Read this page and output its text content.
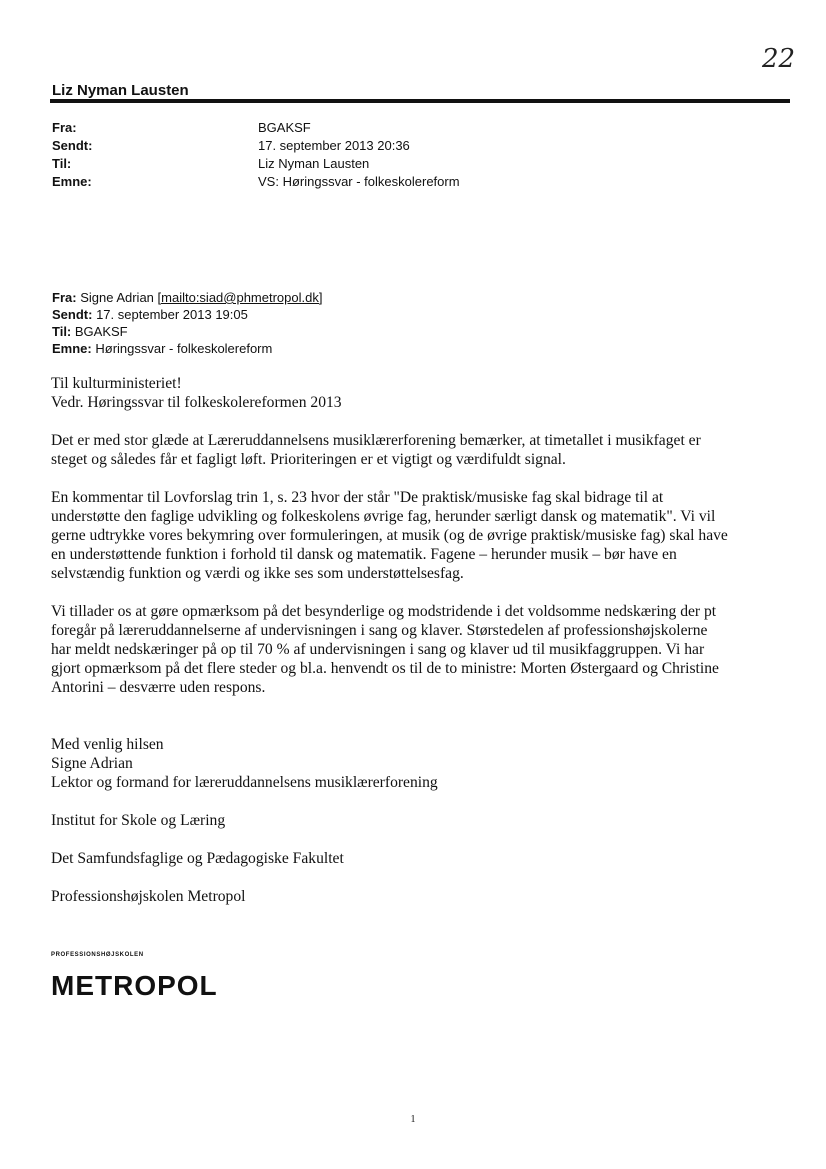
22
Liz Nyman Lausten
Fra:	BGAKSF
Sendt:	17. september 2013 20:36
Til:	Liz Nyman Lausten
Emne:	VS: Høringssvar - folkeskolereform
Fra: Signe Adrian [mailto:siad@phmetropol.dk]
Sendt: 17. september 2013 19:05
Til: BGAKSF
Emne: Høringssvar - folkeskolereform

Til kulturministeriet!
Vedr. Høringssvar til folkeskolereformen 2013

Det er med stor glæde at Læreruddannelsens musiklærerforening bemærker, at timetallet i musikfaget er
steget og således får et fagligt løft. Prioriteringen er et vigtigt og værdifuldt signal.

En kommentar til Lovforslag trin 1, s. 23 hvor der står "De praktisk/musiske fag skal bidrage til at
understøtte den faglige udvikling og folkeskolens øvrige fag, herunder særligt dansk og matematik". Vi vil
gerne udtrykke vores bekymring over formuleringen, at musik (og de øvrige praktisk/musiske fag) skal have
en understøttende funktion i forhold til dansk og matematik. Fagene – herunder musik – bør have en
selvstændig funktion og værdi og ikke ses som understøttelsesfag.

Vi tillader os at gøre opmærksom på det besynderlige og modstridende i det voldsomme nedskæring der pt
foregår på læreruddannelserne af undervisningen i sang og klaver. Størstedelen af professionshøjskolerne
har meldt nedskæringer på op til 70 % af undervisningen i sang og klaver ud til musikfaggruppen. Vi har
gjort opmærksom på det flere steder og bl.a. henvendt os til de to ministre: Morten Østergaard og Christine
Antorini – desværre uden respons.

Med venlig hilsen
Signe Adrian
Lektor og formand for læreruddannelsens musiklærerforening

Institut for Skole og Læring

Det Samfundsfaglige og Pædagogiske Fakultet

Professionshøjskolen Metropol

PROFESSIONSHØJSKOLEN
METROPOL
1
